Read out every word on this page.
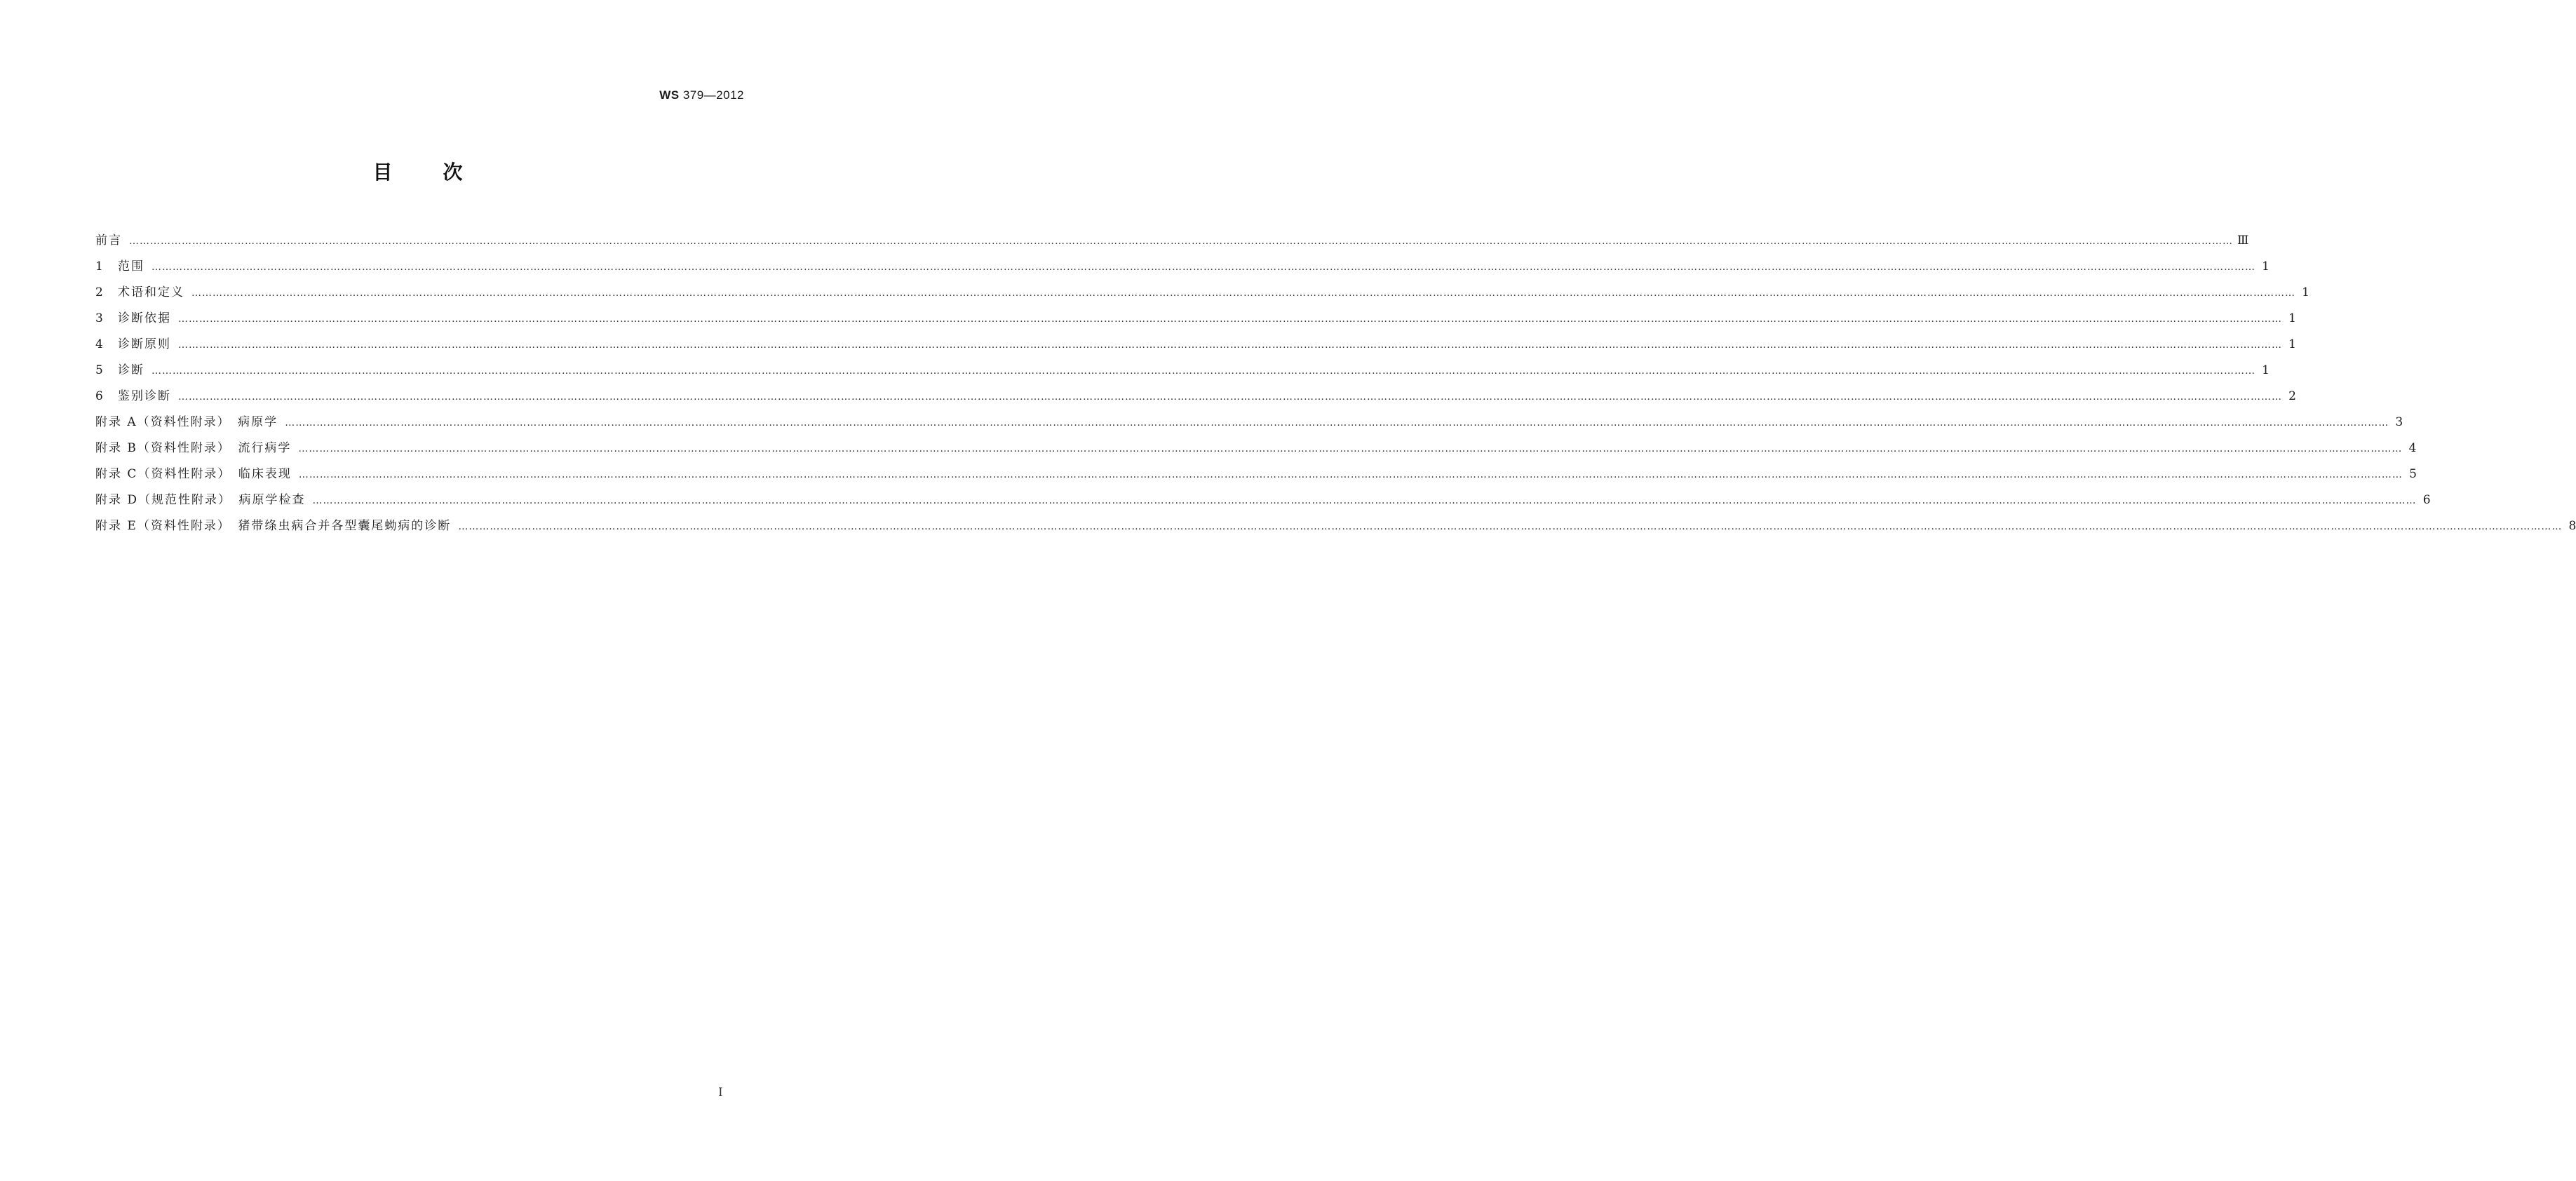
WS 379—2012
目	次
前言 …………………………………………………………………………………………………………………………………………………………………………………………………………………………………………………………………………………………………………………………………………………………………………………………………………………………………………………………………………………………………………………………………………………… Ⅲ
1 范围 …………………………………………………………………………………………………………………………………………………………………………………………………………………………………………………………………………………………………………………………………………………………………………………………………………………………………………………………………………………………………………………………………………………… 1
2 术语和定义 …………………………………………………………………………………………………………………………………………………………………………………………………………………………………………………………………………………………………………………………………………………………………………………………………………………………………………………………………………………………………………………………………………………… 1
3 诊断依据 …………………………………………………………………………………………………………………………………………………………………………………………………………………………………………………………………………………………………………………………………………………………………………………………………………………………………………………………………………………………………………………………………………………… 1
4 诊断原则 …………………………………………………………………………………………………………………………………………………………………………………………………………………………………………………………………………………………………………………………………………………………………………………………………………………………………………………………………………………………………………………………………………………… 1
5 诊断 …………………………………………………………………………………………………………………………………………………………………………………………………………………………………………………………………………………………………………………………………………………………………………………………………………………………………………………………………………………………………………………………………………………… 1
6 鉴别诊断 …………………………………………………………………………………………………………………………………………………………………………………………………………………………………………………………………………………………………………………………………………………………………………………………………………………………………………………………………………………………………………………………………………………… 2
附录 A（资料性附录）　病原学 …………………………………………………………………………………………………………………………………………………………………………………………………………………………………………………………………………………………………………………………………………………………………………………………………………………………………………………………………………………………………………………………………………………… 3
附录 B（资料性附录）　流行病学 …………………………………………………………………………………………………………………………………………………………………………………………………………………………………………………………………………………………………………………………………………………………………………………………………………………………………………………………………………………………………………………………………………………… 4
附录 C（资料性附录）　临床表现 …………………………………………………………………………………………………………………………………………………………………………………………………………………………………………………………………………………………………………………………………………………………………………………………………………………………………………………………………………………………………………………………………………………… 5
附录 D（规范性附录）　病原学检查 …………………………………………………………………………………………………………………………………………………………………………………………………………………………………………………………………………………………………………………………………………………………………………………………………………………………………………………………………………………………………………………………………………………… 6
附录 E（资料性附录）　猪带绦虫病合并各型囊尾蚴病的诊断 …………………………………………………………………………………………………………………………………………………………………………………………………………………………………………………………………………………………………………………………………………………………………………………………………………………………………………………………………………………………………………………………………………………… 8
I
